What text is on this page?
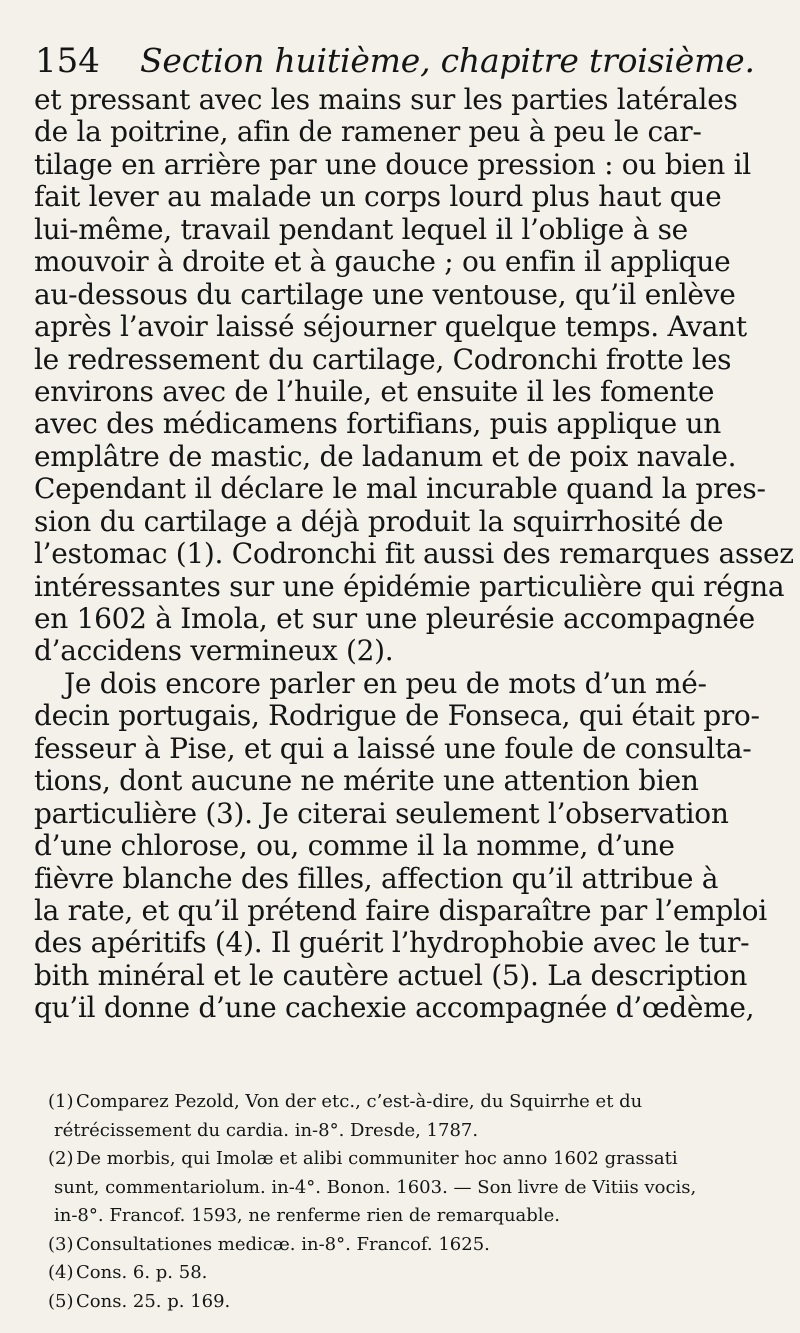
154 Section huitième, chapitre troisième.
et pressant avec les mains sur les parties latérales
de la poitrine, afin de ramener peu à peu le car-
tilage en arrière par une douce pression : ou bien il
fait lever au malade un corps lourd plus haut que
lui-même, travail pendant lequel il l’oblige à se
mouvoir à droite et à gauche ; ou enfin il applique
au-dessous du cartilage une ventouse, qu’il enlève
après l’avoir laissé séjourner quelque temps. Avant
le redressement du cartilage, Codronchi frotte les
environs avec de l’huile, et ensuite il les fomente
avec des médicamens fortifians, puis applique un
emplâtre de mastic, de ladanum et de poix navale.
Cependant il déclare le mal incurable quand la pres-
sion du cartilage a déjà produit la squirrhosité de
l’estomac (1). Codronchi fit aussi des remarques assez
intéressantes sur une épidémie particulière qui régna
en 1602 à Imola, et sur une pleurésie accompagnée
d’accidens vermineux (2).
Je dois encore parler en peu de mots d’un mé-
decin portugais, Rodrigue de Fonseca, qui était pro-
fesseur à Pise, et qui a laissé une foule de consulta-
tions, dont aucune ne mérite une attention bien
particulière (3). Je citerai seulement l’observation
d’une chlorose, ou, comme il la nomme, d’une
fièvre blanche des filles, affection qu’il attribue à
la rate, et qu’il prétend faire disparaître par l’emploi
des apéritifs (4). Il guérit l’hydrophobie avec le tur-
bith minéral et le cautère actuel (5). La description
qu’il donne d’une cachexie accompagnée d’œdème,
(1) Comparez Pezold, Von der etc., c’est-à-dire, du Squirrhe et du
rétrécissement du cardia. in-8°. Dresde, 1787.
(2) De morbis, qui Imolæ et alibi communiter hoc anno 1602 grassati
sunt, commentariolum. in-4°. Bonon. 1603. — Son livre de Vitiis vocis,
in-8°. Francof. 1593, ne renferme rien de remarquable.
(3) Consultationes medicæ. in-8°. Francof. 1625.
(4) Cons. 6. p. 58.
(5) Cons. 25. p. 169.
